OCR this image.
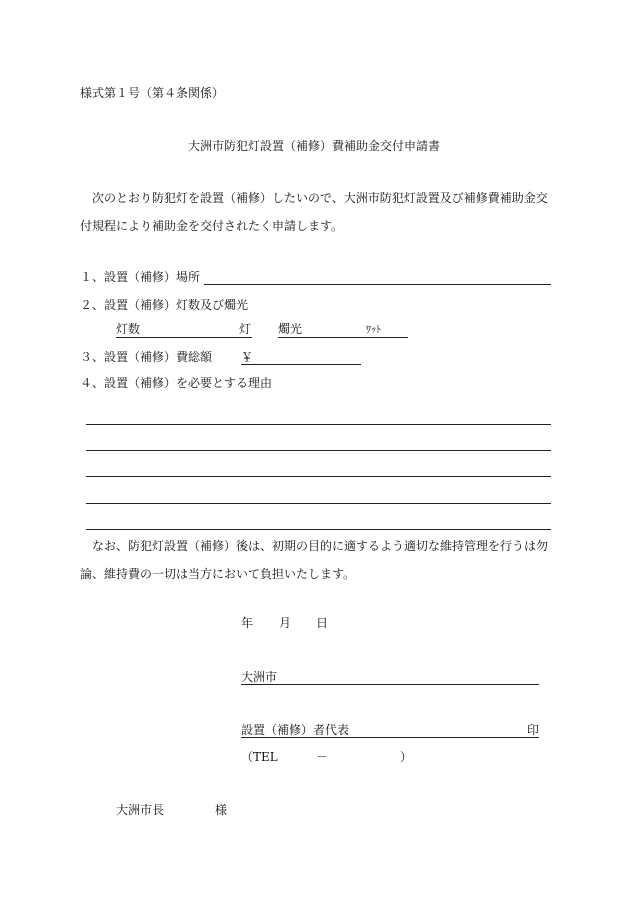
様式第１号（第４条関係）
大洲市防犯灯設置（補修）費補助金交付申請書
次のとおり防犯灯を設置（補修）したいので、大洲市防犯灯設置及び補修費補助金交付規程により補助金を交付されたく申請します。
１、設置（補修）場所
２、設置（補修）灯数及び燭光
灯数	灯 燭光	ﾜｯﾄ
３、設置（補修）費総額 ￥
４、設置（補修）を必要とする理由
なお、防犯灯設置（補修）後は、初期の目的に適するよう適切な維持管理を行うは勿論、維持費の一切は当方において負担いたします。
年 月 日
大洲市
設置（補修）者代表	印
（TEL	－	）
大洲市長	様
